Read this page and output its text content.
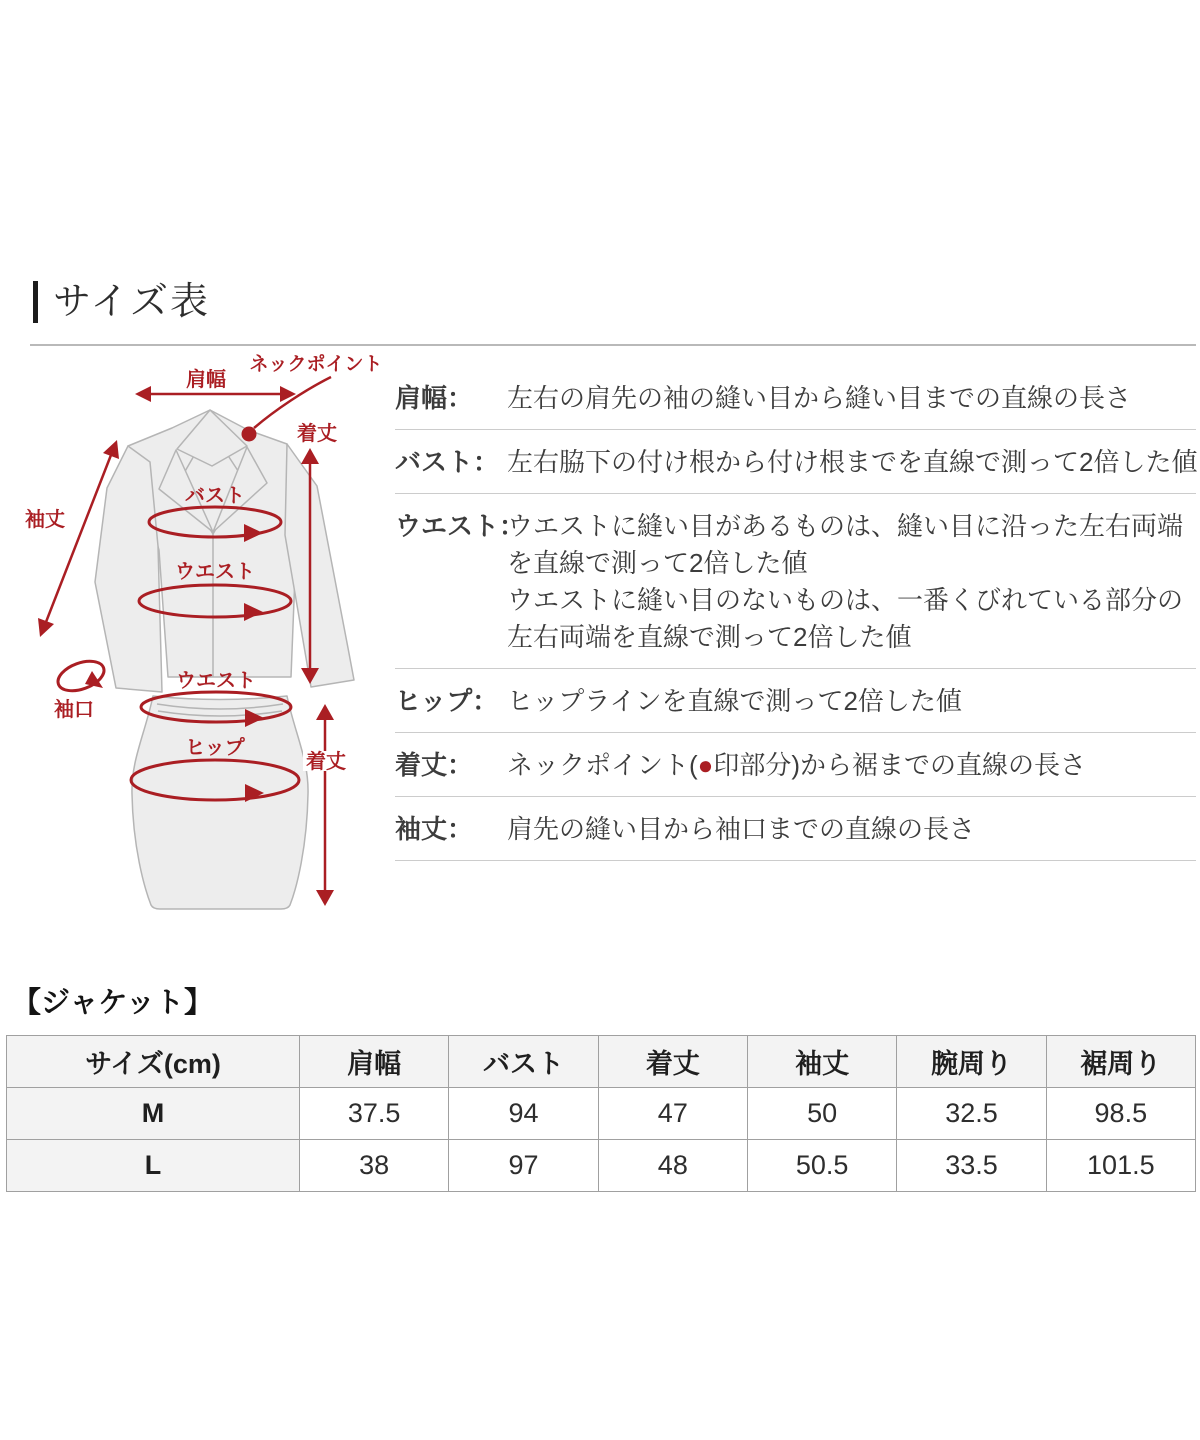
サイズ表
肩幅
ネックポイント
着丈
袖丈
バスト
ウエスト
袖口
ウエスト
ヒップ
着丈
肩幅：	左右の肩先の袖の縫い目から縫い目までの直線の長さ
バスト： 左右脇下の付け根から付け根までを直線で測って2倍した値
ウエスト：
ウエストに縫い目があるものは、縫い目に沿った左右両端
を直線で測って2倍した値
ウエストに縫い目のないものは、一番くびれている部分の
左右両端を直線で測って2倍した値
ヒップ： ヒップラインを直線で測って2倍した値
着丈：	ネックポイント(●印部分)から裾までの直線の長さ
袖丈：	肩先の縫い目から袖口までの直線の長さ
【ジャケット】
サイズ(cm)	肩幅	バスト	着丈	袖丈	腕周り	裾周り
M	37.5	94	47	50	32.5	98.5
L	38	97	48	50.5	33.5	101.5
